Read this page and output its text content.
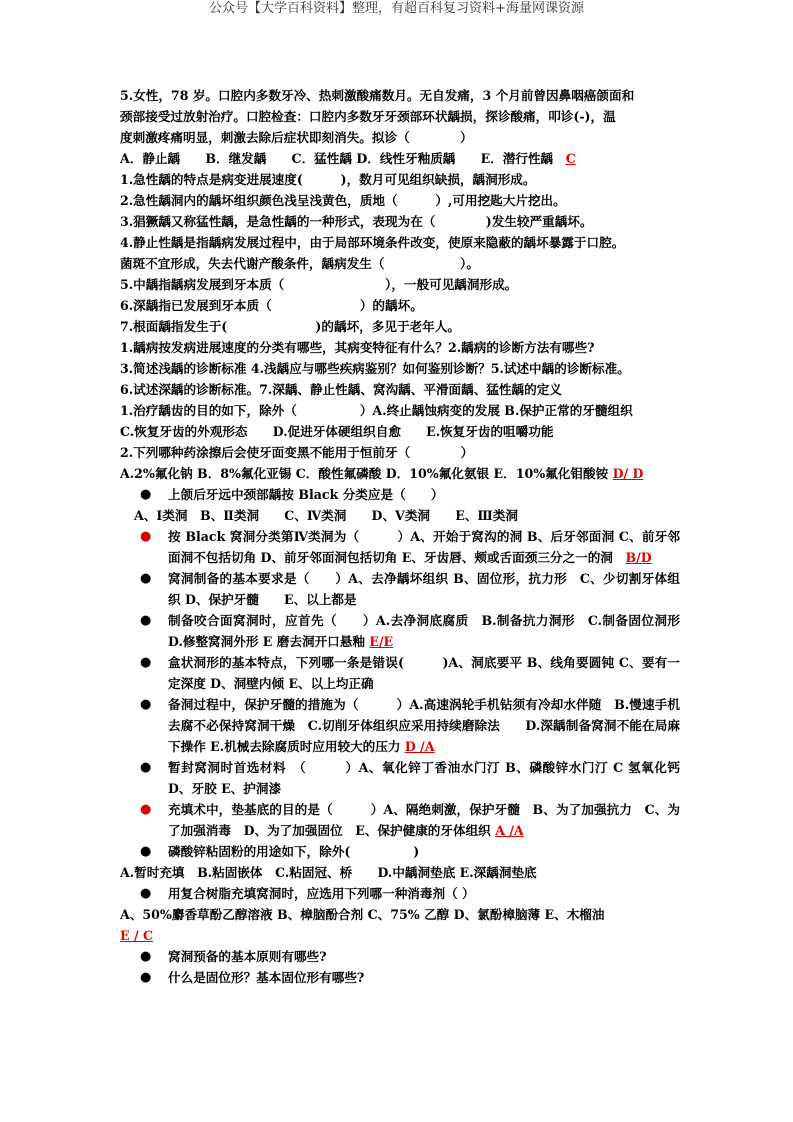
公众号【大学百科资料】整理，有超百科复习资料+海量网课资源
5.女性，78 岁。口腔内多数牙冷、热刺激酸痛数月。无自发痛，3 个月前曾因鼻咽癌颌面和
颈部接受过放射治疗。口腔检查：口腔内多数牙牙颈部环状龋损，探诊酸痛，叩诊(-)，温
度刺激疼痛明显，刺激去除后症状即刻消失。拟诊（　　　　）
A．静止龋　　B．继发龋　　C．猛性龋 D．线性牙釉质龋　　E．潜行性龋　 C
1.急性龋的特点是病变进展速度(　　　)，数月可见组织缺损，龋洞形成。
2.急性龋洞内的龋坏组织颜色浅呈浅黄色，质地（　　　）,可用挖匙大片挖出。
3.猖獗龋又称猛性龋，是急性龋的一种形式，表现为在（　　　　)发生较严重龋坏。
4.静止性龋是指龋病发展过程中，由于局部环境条件改变，使原来隐蔽的龋坏暴露于口腔。
菌斑不宜形成，失去代谢产酸条件，龋病发生（　　　　　　）。
5.中龋指龋病发展到牙本质（　　　　　　　　），一般可见龋洞形成。
6.深龋指已发展到牙本质（　　　　　　　）的龋坏。
7.根面龋指发生于(　　　　　　　)的龋坏，多见于老年人。
1.龋病按发病进展速度的分类有哪些，其病变特征有什么？2.龋病的诊断方法有哪些?
3.简述浅龋的诊断标准 4.浅龋应与哪些疾病鉴别？如何鉴别诊断？5.试述中龋的诊断标准。
6.试述深龋的诊断标准。7.深龋、静止性龋、窝沟龋、平滑面龋、猛性龋的定义
1.治疗龋齿的目的如下，除外（　　　　　）A.终止龋蚀病变的发展 B.保护正常的牙髓组织
C.恢复牙齿的外观形态　　D.促进牙体硬组织自愈　　E.恢复牙齿的咀嚼功能
2.下列哪种药涂擦后会使牙面变黑不能用于恒前牙（　　　　）
A.2%氟化钠 B．8%氟化亚锡 C．酸性氟磷酸 D．10%氟化氨银 E．10%氟化钼酸铵 D/ D
● 上颌后牙远中颈部龋按 Black 分类应是（　　）
A、Ⅰ类洞　B、Ⅱ类洞　　C、Ⅳ类洞　　D、Ⅴ类洞　　E、Ⅲ类洞
● 按 Black 窝洞分类第Ⅳ类洞为（　　　）A、开始于窝沟的洞 B、后牙邻面洞 C、前牙邻面洞不包括切角 D、前牙邻面洞包括切角 E、牙齿唇、颊或舌面颈三分之一的洞　 B/D
● 窝洞制备的基本要求是（　　）A、去净龋坏组织 B、固位形，抗力形　C、少切割牙体组织 D、保护牙髓　　E、以上都是
● 制备咬合面窝洞时，应首先（　　）A.去净洞底腐质　B.制备抗力洞形　C.制备固位洞形　D.修整窝洞外形 E 磨去洞开口悬釉 E/E
● 盒状洞形的基本特点，下列哪一条是错误(　　　)A、洞底要平 B、线角要圆钝 C、要有一定深度 D、洞壁内倾 E、以上均正确
● 备洞过程中，保护牙髓的措施为（　　　）A.高速涡轮手机钻须有冷却水伴随　B.慢速手机去腐不必保持窝洞干燥　C.切削牙体组织应采用持续磨除法　　D.深龋制备窝洞不能在局麻下操作 E.机械去除腐质时应用较大的压力 D /A
● 暂封窝洞时首选材料　（　　　）A、氧化锌丁香油水门汀 B、磷酸锌水门汀 C 氢氧化钙 D、牙胶 E、护洞漆
● 充填术中，垫基底的目的是（　　　）A、隔绝刺激，保护牙髓　B、为了加强抗力　C、为了加强消毒　D、为了加强固位　E、保护健康的牙体组织 A /A
● 磷酸锌粘固粉的用途如下，除外(　　　　　)
A.暂时充填　B.粘固嵌体　C.粘固冠、桥　　D.中龋洞垫底 E.深龋洞垫底
● 用复合树脂充填窝洞时，应选用下列哪一种消毒剂（ ）
A、50%麝香草酚乙醇溶液 B、樟脑酚合剂 C、75% 乙醇 D、氯酚樟脑薄 E、木榴油
E / C
● 窝洞预备的基本原则有哪些?
● 什么是固位形？基本固位形有哪些?
